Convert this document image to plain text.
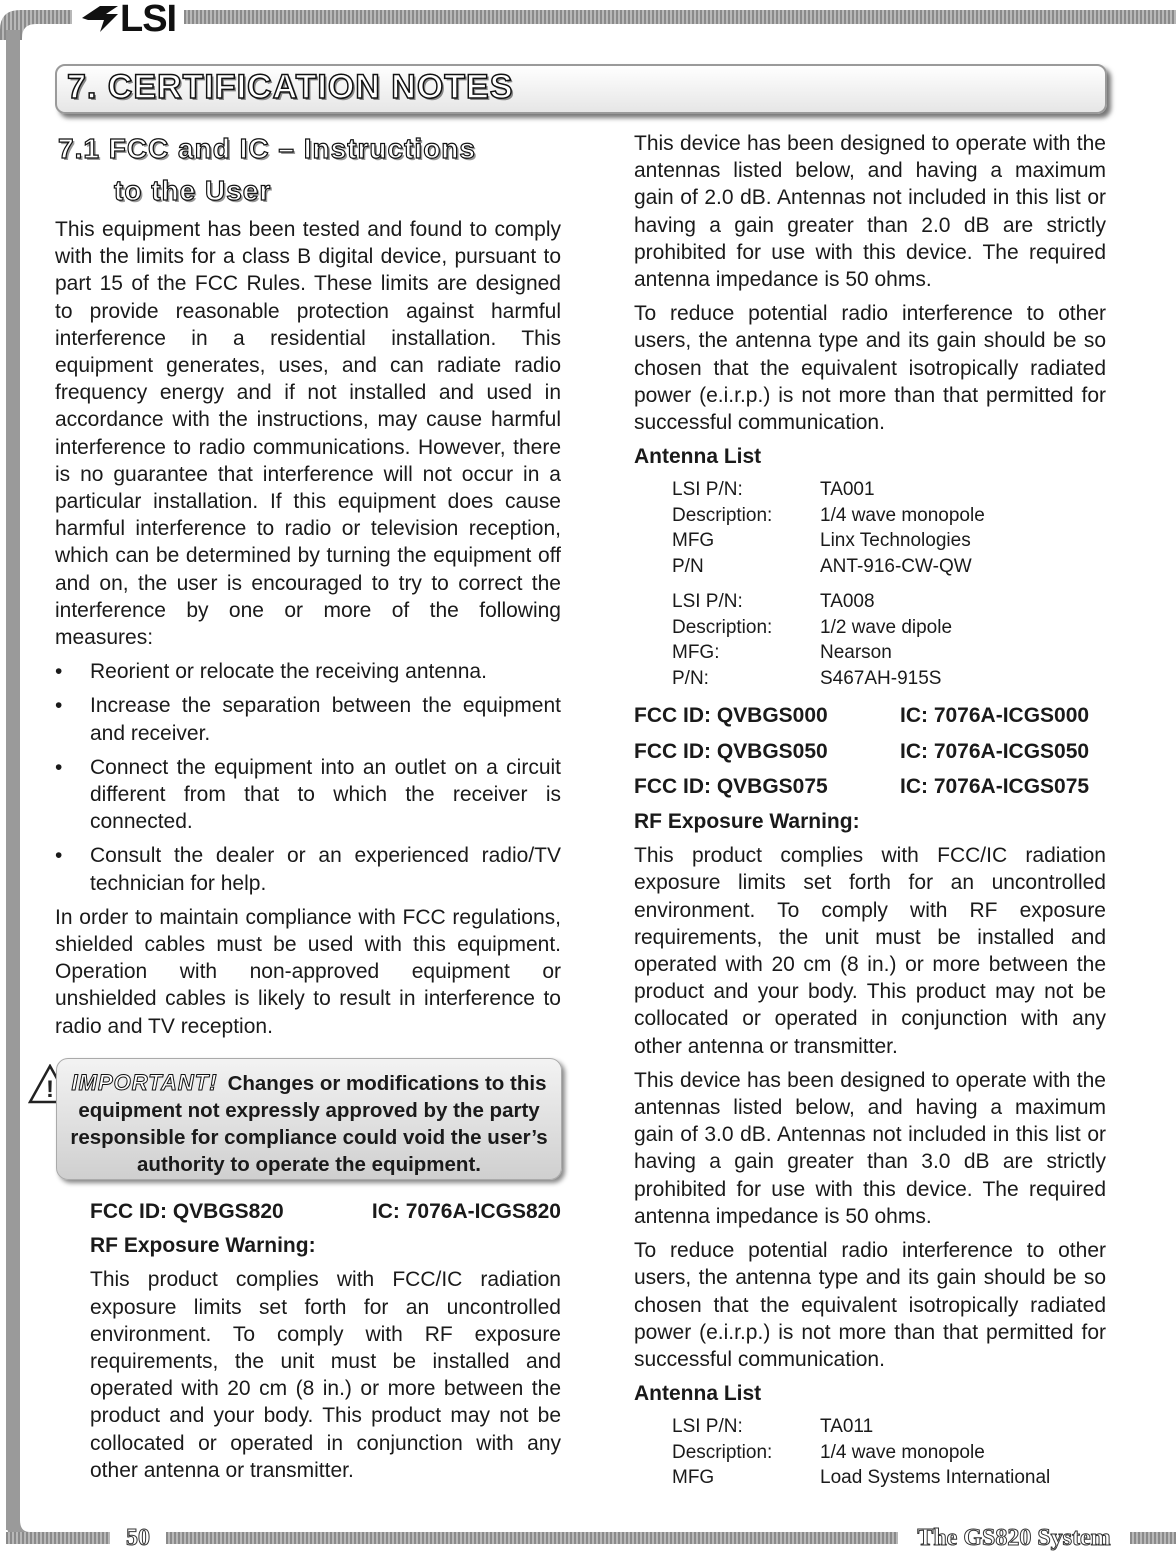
LSI
7. CERTIFICATION NOTES
7.1 FCC and IC – Instructions
to the User

This equipment has been tested and found to comply with the limits for a class B digital device, pursuant to part 15 of the FCC Rules. These limits are designed to provide reasonable protection against harmful interference in a residential installation. This equipment generates, uses, and can radiate radio frequency energy and if not installed and used in accordance with the instructions, may cause harmful interference to radio communications. However, there is no guarantee that interference will not occur in a particular installation. If this equipment does cause harmful interference to radio or television reception, which can be determined by turning the equipment off and on, the user is encouraged to try to correct the interference by one or more of the following measures:

•	Reorient or relocate the receiving antenna.
•	Increase the separation between the equipment and receiver.
•	Connect the equipment into an outlet on a circuit different from that to which the receiver is connected.
•	Consult the dealer or an experienced radio/TV technician for help.

In order to maintain compliance with FCC regulations, shielded cables must be used with this equipment. Operation with non-approved equipment or unshielded cables is likely to result in interference to radio and TV reception.

! IMPORTANT! Changes or modifications to this equipment not expressly approved by the party responsible for compliance could void the user’s authority to operate the equipment.
FCC ID: QVBGS820	IC: 7076A-ICGS820

RF Exposure Warning:

This product complies with FCC/IC radiation exposure limits set forth for an uncontrolled environment. To comply with RF exposure requirements, the unit must be installed and operated with 20 cm (8 in.) or more between the product and your body. This product may not be collocated or operated in conjunction with any other antenna or transmitter.

This device has been designed to operate with the antennas listed below, and having a maximum gain of 2.0 dB. Antennas not included in this list or having a gain greater than 2.0 dB are strictly prohibited for use with this device. The required antenna impedance is 50 ohms.

To reduce potential radio interference to other users, the antenna type and its gain should be so chosen that the equivalent isotropically radiated power (e.i.r.p.) is not more than that permitted for successful communication.

Antenna List

LSI P/N:	TA001
Description:	1/4 wave monopole
MFG	Linx Technologies
P/N	ANT-916-CW-QW
LSI P/N:	TA008
Description:	1/2 wave dipole
MFG:	Nearson
P/N:	S467AH-915S
FCC ID: QVBGS000	IC: 7076A-ICGS000
FCC ID: QVBGS050	IC: 7076A-ICGS050
FCC ID: QVBGS075	IC: 7076A-ICGS075

RF Exposure Warning:

This product complies with FCC/IC radiation exposure limits set forth for an uncontrolled environment. To comply with RF exposure requirements, the unit must be installed and operated with 20 cm (8 in.) or more between the product and your body. This product may not be collocated or operated in conjunction with any other antenna or transmitter.

This device has been designed to operate with the antennas listed below, and having a maximum gain of 3.0 dB. Antennas not included in this list or having a gain greater than 3.0 dB are strictly prohibited for use with this device. The required antenna impedance is 50 ohms.

To reduce potential radio interference to other users, the antenna type and its gain should be so chosen that the equivalent isotropically radiated power (e.i.r.p.) is not more than that permitted for successful communication.

Antenna List

LSI P/N:	TA011
Description:	1/4 wave monopole
MFG	Load Systems International
50	The GS820 System
